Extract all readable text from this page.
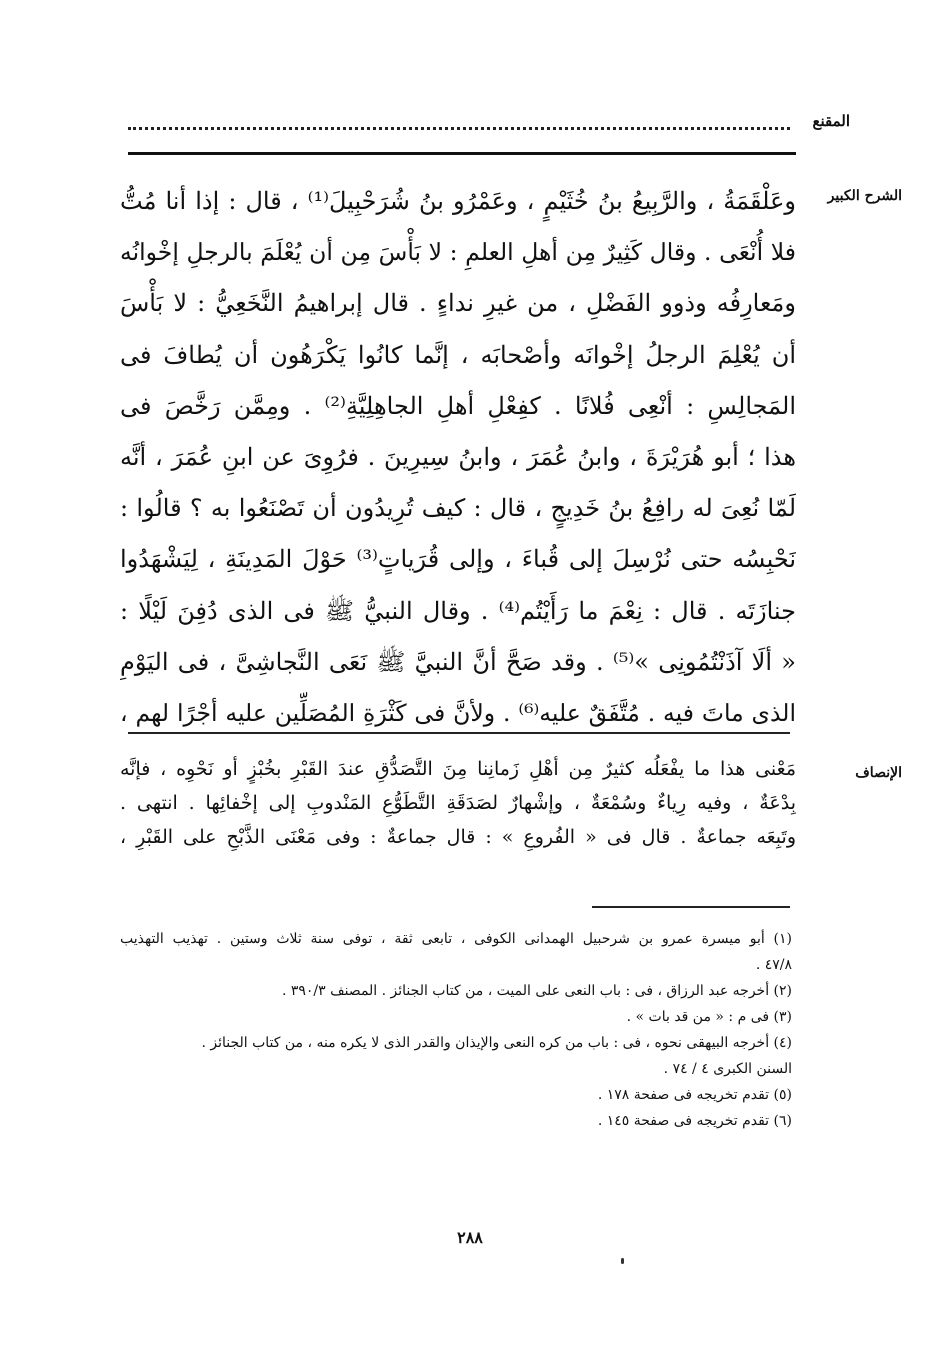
المقنع
الشرح الكبير
وعَلْقَمَةُ ، والرَّبِيعُ بنُ خُثَيْمٍ ، وعَمْرُو بنُ شُرَحْبِيلَ⁽¹⁾ ، قال : إذا أنا مُتُّ
فلا أُنْعَى . وقال كَثِيرٌ مِن أهلِ العلمِ : لا بَأْسَ مِن أن يُعْلَمَ بالرجلِ إخْوانُه
ومَعارِفُه وذوو الفَضْلِ ، من غيرِ نداءٍ . قال إبراهيمُ النَّخَعِيُّ : لا بَأْسَ
أن يُعْلِمَ الرجلُ إخْوانَه وأصْحابَه ، إنَّما كانُوا يَكْرَهُون أن يُطافَ فى
المَجالِسِ : أنْعِى فُلانًا . كفِعْلِ أهلِ الجاهِلِيَّةِ⁽²⁾ . ومِمَّن رَخَّصَ فى
هذا ؛ أبو هُرَيْرَةَ ، وابنُ عُمَرَ ، وابنُ سِيرِينَ . فرُوِىَ عن ابنِ عُمَرَ ، أنَّه
لَمّا نُعِىَ له رافِعُ بنُ خَدِيجٍ ، قال : كيف تُرِيدُون أن تَصْنَعُوا به ؟ قالُوا :
نَحْبِسُه حتى نُرْسِلَ إلى قُباءَ ، وإلى قُرَياتٍ⁽³⁾ حَوْلَ المَدِينَةِ ، لِيَشْهَدُوا
جنازَتَه . قال : نِعْمَ ما رَأَيْتُم⁽⁴⁾ . وقال النبيُّ ﷺ فى الذى دُفِنَ لَيْلًا :
« ألَا آذَنْتُمُونِى »⁽⁵⁾ . وقد صَحَّ أنَّ النبيَّ ﷺ نَعَى النَّجاشِىَّ ، فى اليَوْمِ
الذى ماتَ فيه . مُتَّفَقٌ عليه⁽⁶⁾ . ولأنَّ فى كَثْرَةِ المُصَلِّين عليه أجْرًا لهم ،
الإنصاف
مَعْنى هذا ما يفْعَلُه كثيرٌ مِن أهْلِ زَمانِنا مِنَ التَّصَدُّقِ عندَ القَبْرِ بخُبْزٍ أو نَحْوِه ، فإنَّه
بِدْعَةٌ ، وفيه رِياءٌ وسُمْعَةٌ ، وإشْهارٌ لصَدَقَةِ التَّطَوُّعِ المَنْدوبِ إلى إخْفائِها . انتهى .
وتَبِعَه جماعةٌ . قال فى « الفُروعِ » : قال جماعةٌ : وفى مَعْنَى الذَّبْحِ على القَبْرِ ،
(١) أبو ميسرة عمرو بن شرحبيل الهمدانى الكوفى ، تابعى ثقة ، توفى سنة ثلاث وستين . تهذيب التهذيب
٤٧/٨ .
(٢) أخرجه عبد الرزاق ، فى : باب النعى على الميت ، من كتاب الجنائز . المصنف ٣٩٠/٣ .
(٣) فى م : « من قد بات » .
(٤) أخرجه البيهقى نحوه ، فى : باب من كره النعى والإيذان والقدر الذى لا يكره منه ، من كتاب الجنائز .
السنن الكبرى ٤ / ٧٤ .
(٥) تقدم تخريجه فى صفحة ١٧٨ .
(٦) تقدم تخريجه فى صفحة ١٤٥ .
٢٨٨
